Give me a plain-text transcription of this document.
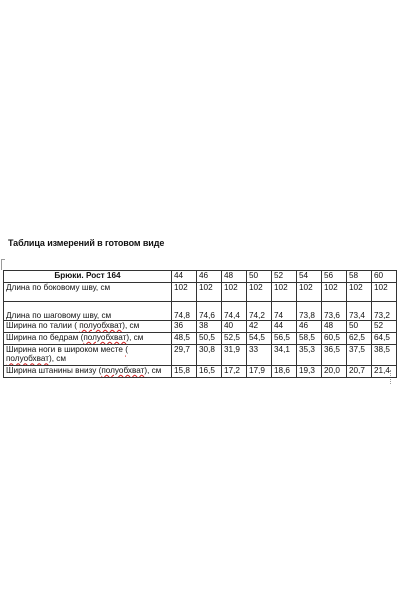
Таблица измерений в готовом виде
Брюки. Рост 164	44	46	48	50	52	54	56	58	60
Длина по боковому шву, см	102	102	102	102	102	102	102	102	102
Длина по шаговому шву, см	74,8	74,6	74,4	74,2	74	73,8	73,6	73,4	73,2
Ширина по талии ( полуобхват), см	36	38	40	42	44	46	48	50	52
Ширина по бедрам (полуобхват), см	48,5	50,5	52,5	54,5	56,5	58,5	60,5	62,5	64,5
Ширина ноги в широком месте ( полуобхват), см	29,7	30,8	31,9	33	34,1	35,3	36,5	37,5	38,5
Ширина штанины внизу (полуобхват), см	15,8	16,5	17,2	17,9	18,6	19,3	20,0	20,7	21,4
